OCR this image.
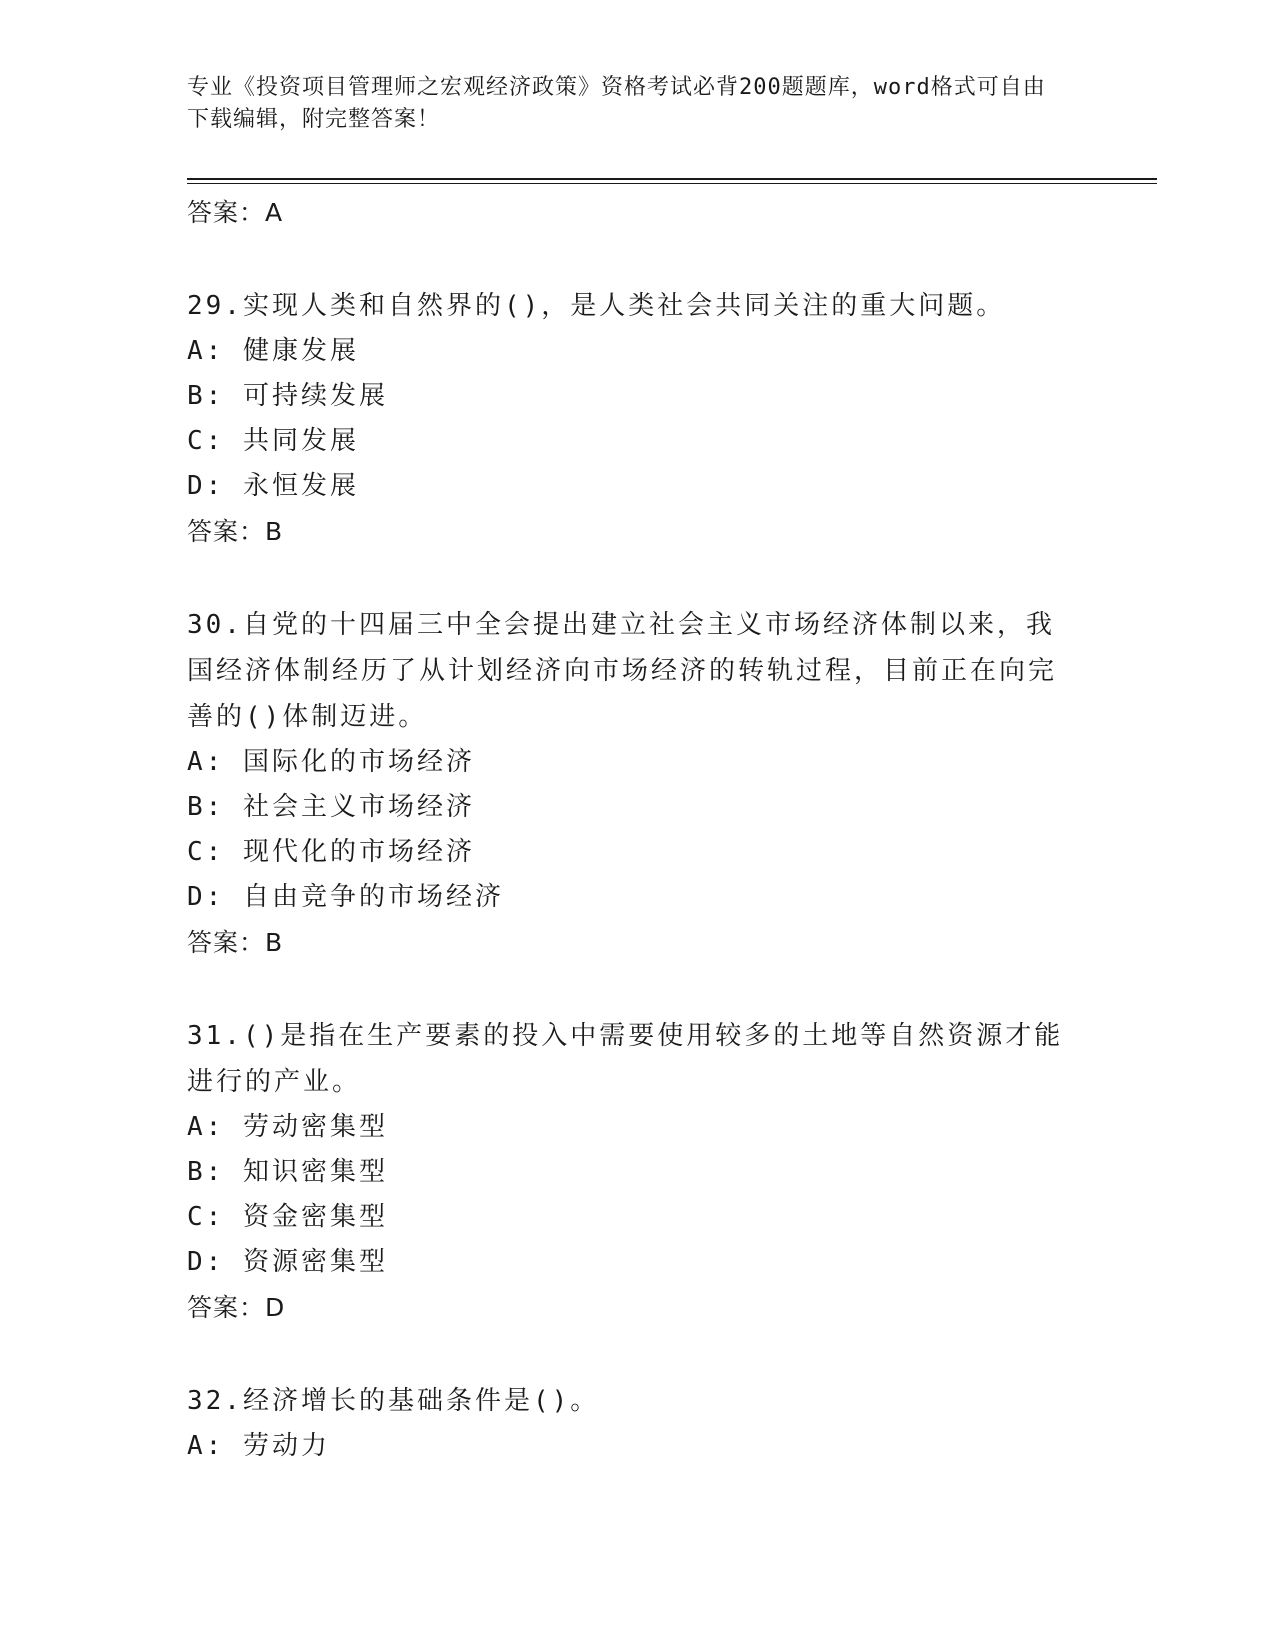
专业《投资项目管理师之宏观经济政策》资格考试必背200题题库，word格式可自由下载编辑，附完整答案！
答案：A
29.实现人类和自然界的()，是人类社会共同关注的重大问题。
A: 健康发展
B: 可持续发展
C: 共同发展
D: 永恒发展
答案：B
30.自党的十四届三中全会提出建立社会主义市场经济体制以来，我国经济体制经历了从计划经济向市场经济的转轨过程，目前正在向完善的()体制迈进。
A: 国际化的市场经济
B: 社会主义市场经济
C: 现代化的市场经济
D: 自由竞争的市场经济
答案：B
31.()是指在生产要素的投入中需要使用较多的土地等自然资源才能进行的产业。
A: 劳动密集型
B: 知识密集型
C: 资金密集型
D: 资源密集型
答案：D
32.经济增长的基础条件是()。
A: 劳动力
